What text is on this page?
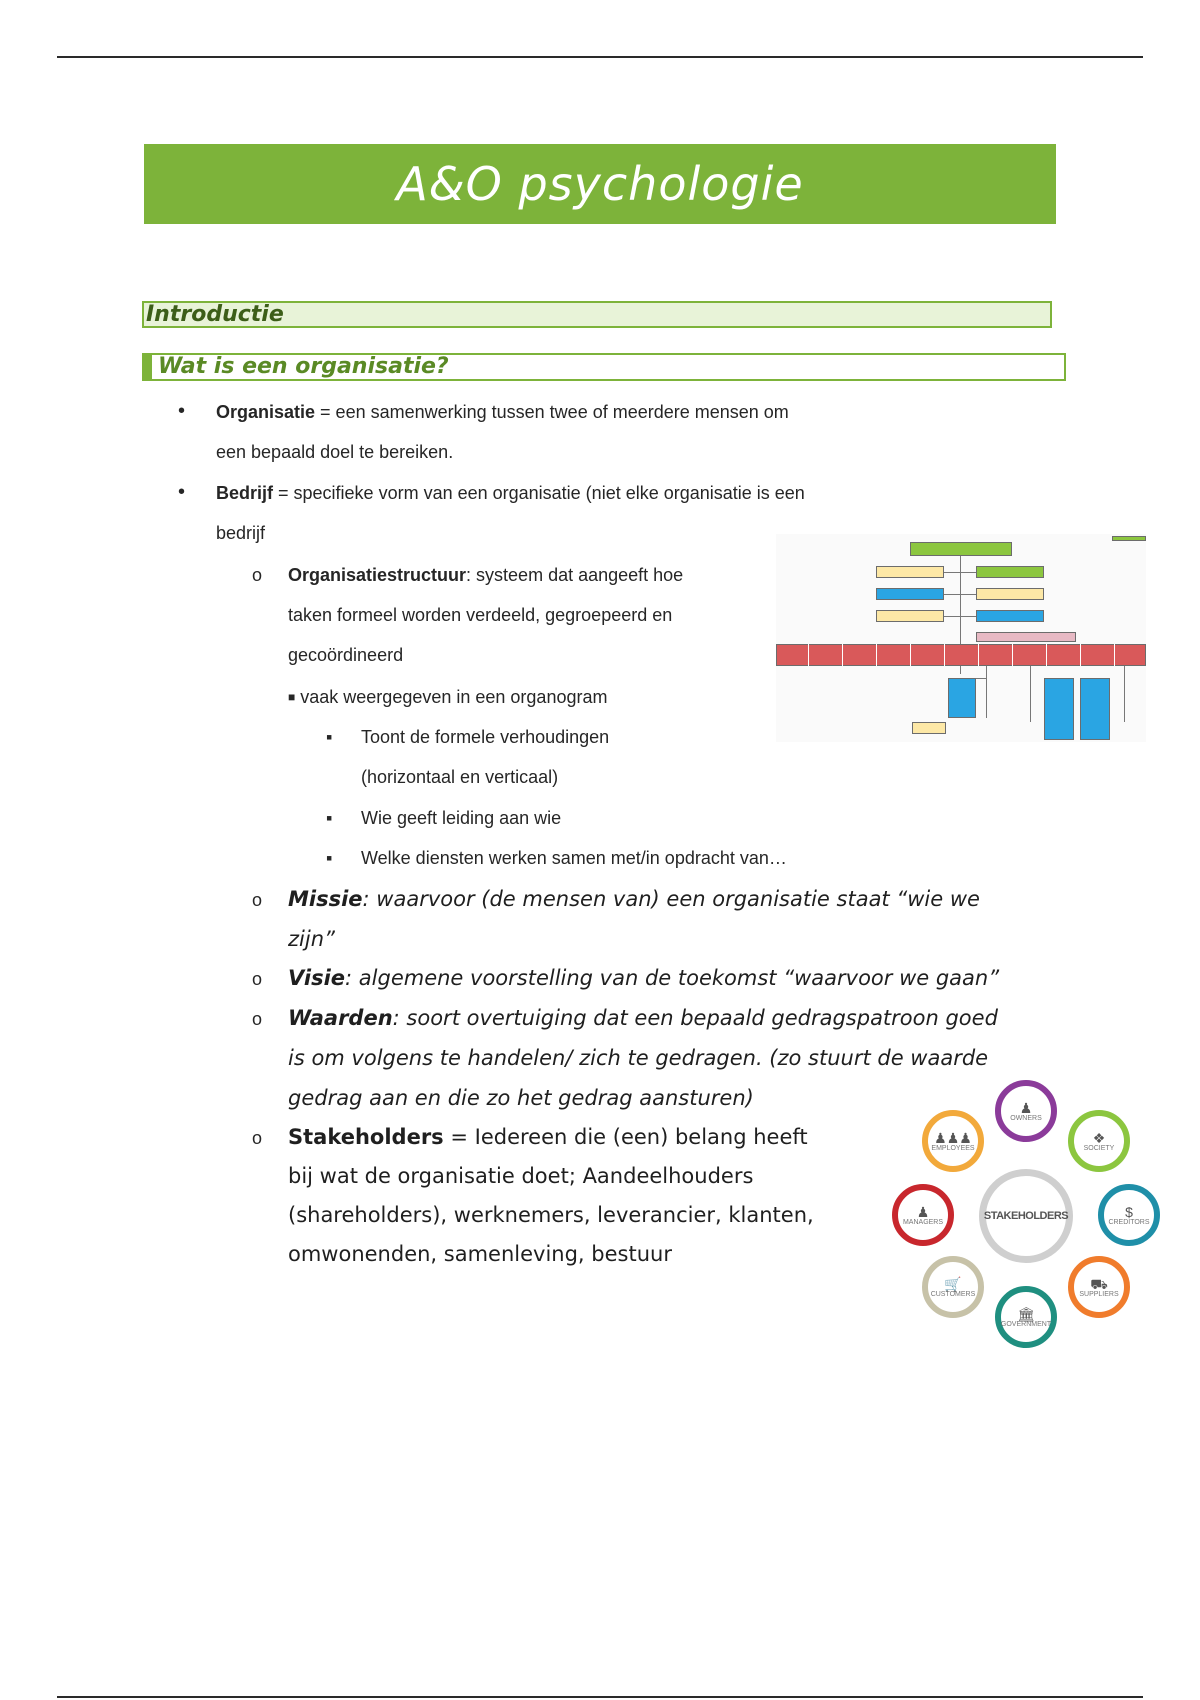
A&O psychologie
Introductie
Wat is een organisatie?
• Organisatie = een samenwerking tussen twee of meerdere mensen om
een bepaald doel te bereiken.
• Bedrijf = specifieke vorm van een organisatie (niet elke organisatie is een
bedrijf
o Organisatiestructuur: systeem dat aangeeft hoe
taken formeel worden verdeeld, gegroepeerd en
gecoördineerd
■ vaak weergegeven in een organogram
▪ Toont de formele verhoudingen
(horizontaal en verticaal)
▪ Wie geeft leiding aan wie
▪ Welke diensten werken samen met/in opdracht van…
o Missie: waarvoor (de mensen van) een organisatie staat “wie we
zijn”
o Visie: algemene voorstelling van de toekomst “waarvoor we gaan”
o Waarden: soort overtuiging dat een bepaald gedragspatroon goed
is om volgens te handelen/ zich te gedragen. (zo stuurt de waarde
gedrag aan en die zo het gedrag aansturen)
o Stakeholders = Iedereen die (een) belang heeft
bij wat de organisatie doet; Aandeelhouders
(shareholders), werknemers, leverancier, klanten,
omwonenden, samenleving, bestuur
STAKEHOLDERS
♟
OWNERS
❖
SOCIETY
$
CREDITORS
⛟
SUPPLIERS
🏛
GOVERNMENT
🛒
CUSTOMERS
♟
MANAGERS
♟♟♟
EMPLOYEES
